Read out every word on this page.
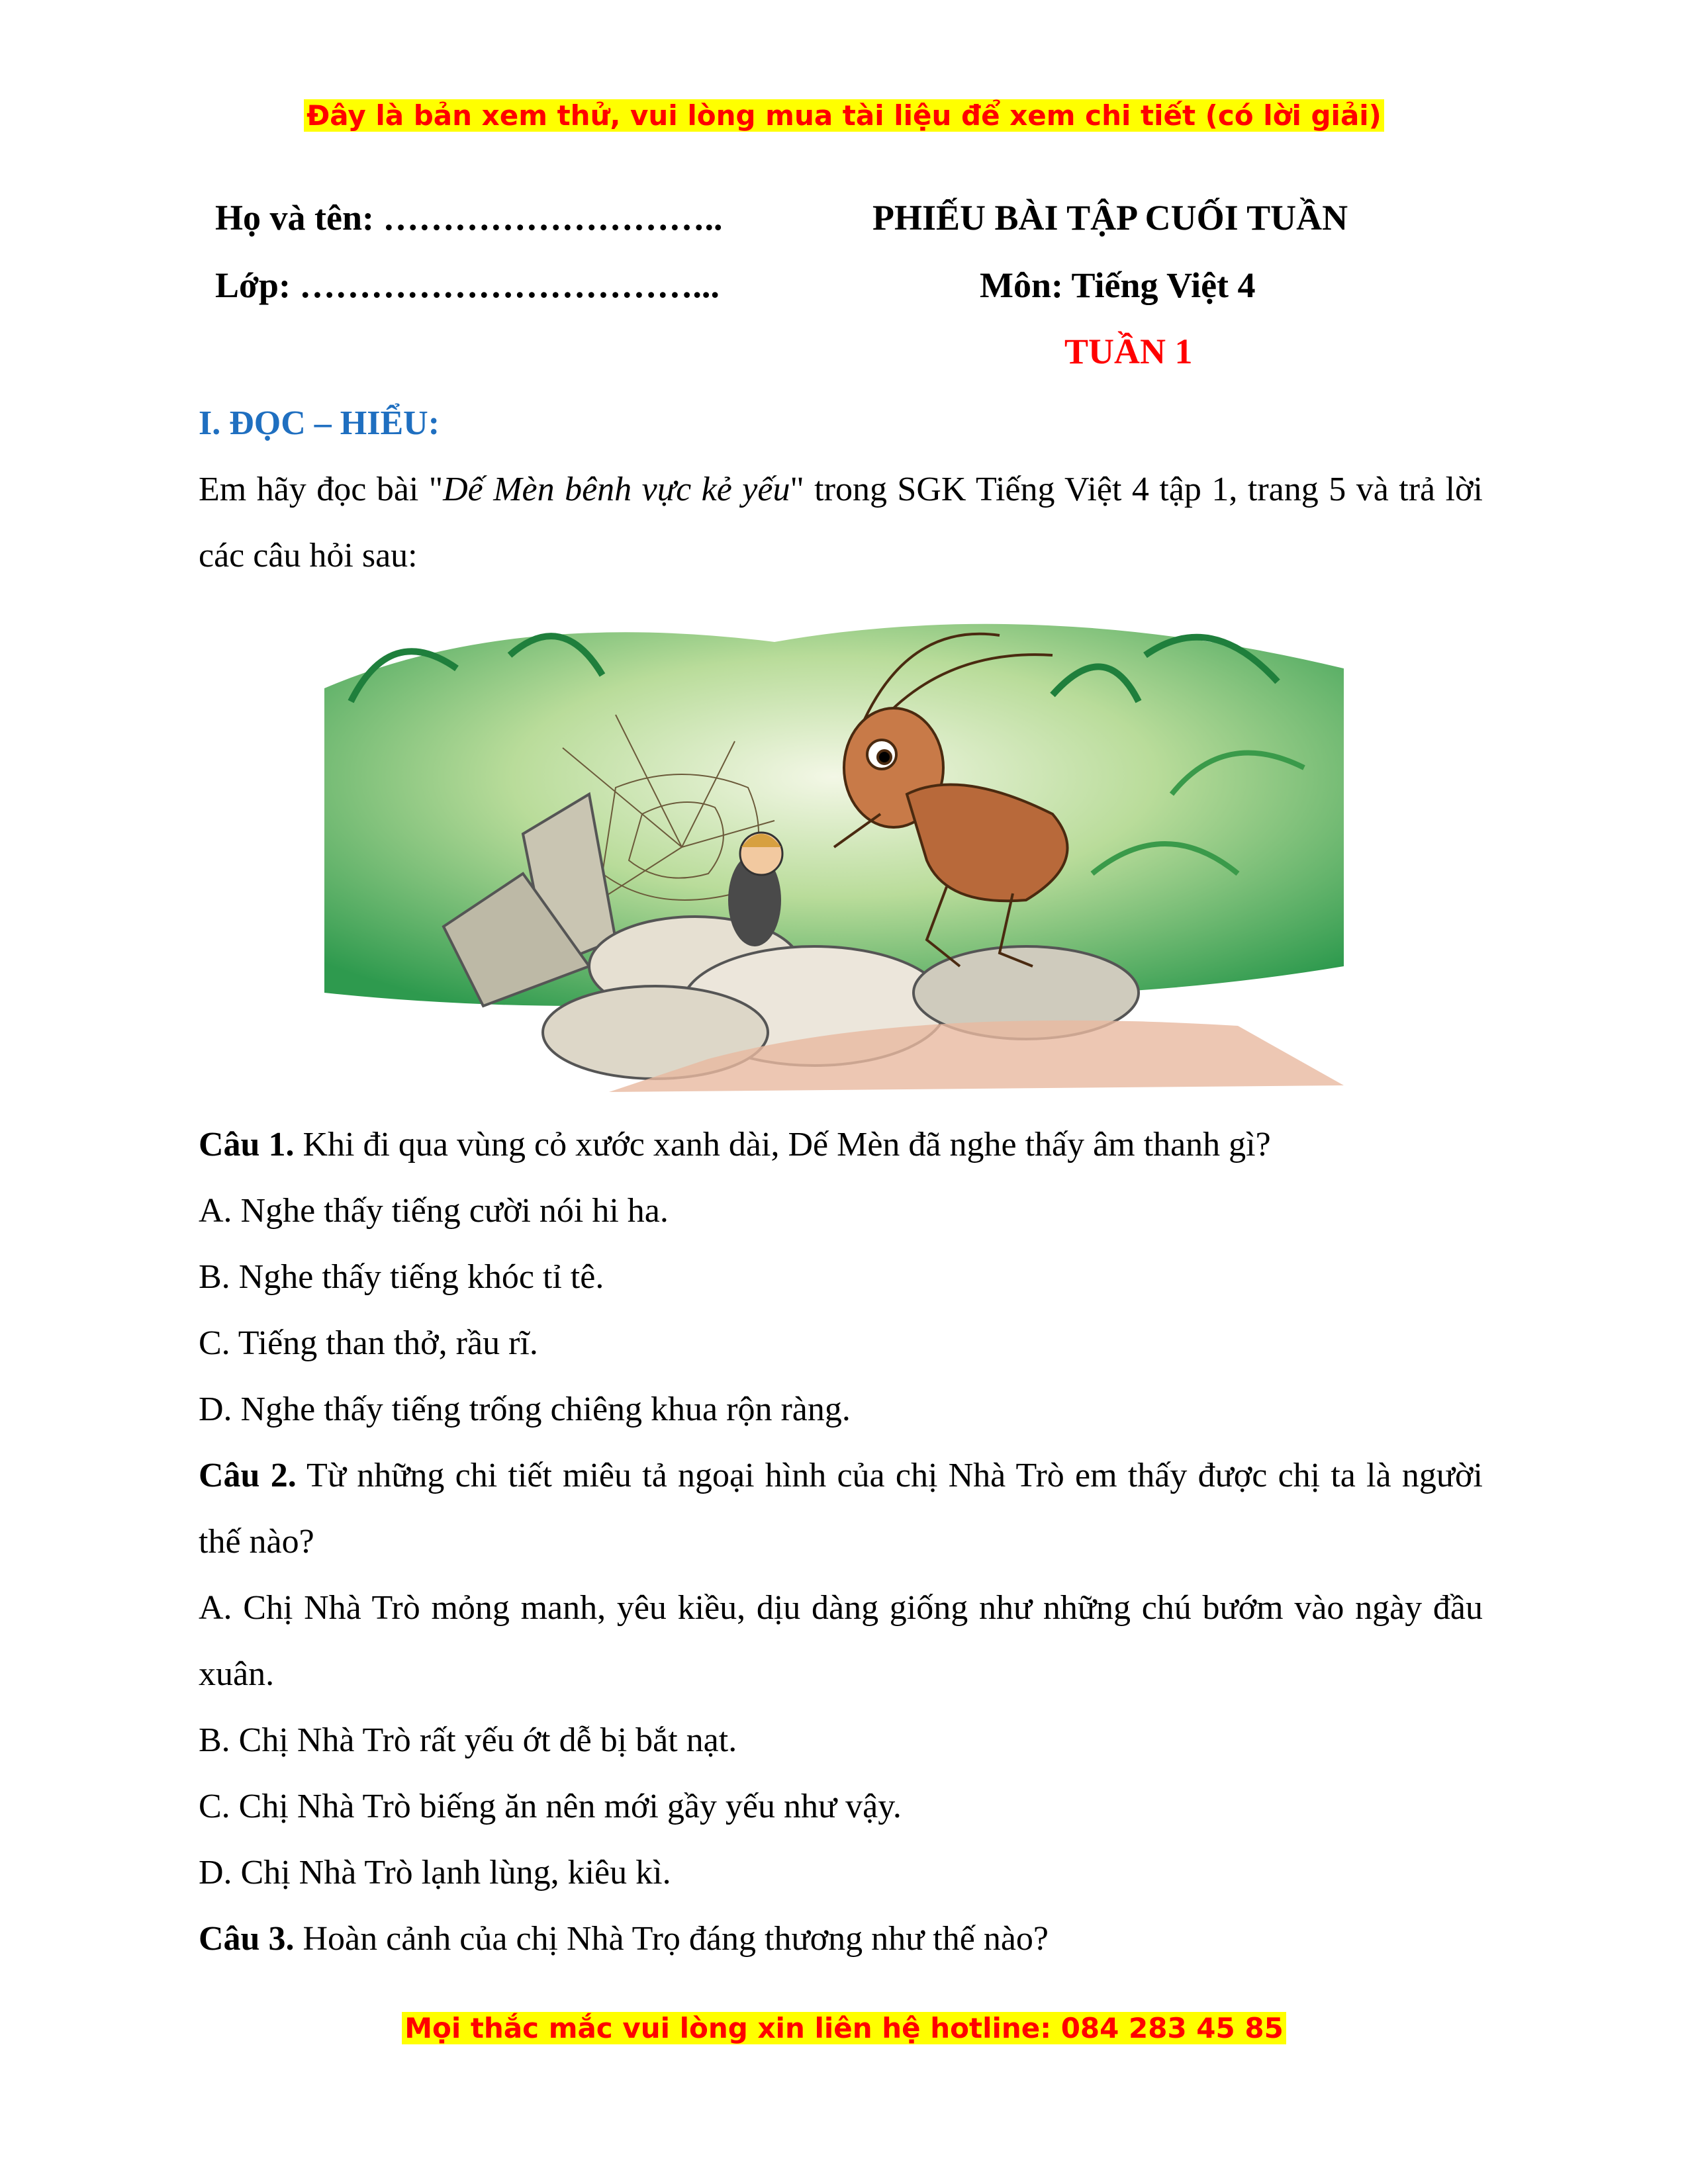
Đây là bản xem thử, vui lòng mua tài liệu để xem chi tiết (có lời giải)
Họ và tên: ………………………..
Lớp: ……………………………...
PHIẾU BÀI TẬP CUỐI TUẦN
Môn: Tiếng Việt 4
TUẦN 1
I. ĐỌC – HIỂU:
Em hãy đọc bài "Dế Mèn bênh vực kẻ yếu" trong SGK Tiếng Việt 4 tập 1, trang 5 và trả lời các câu hỏi sau:
Câu 1. Khi đi qua vùng cỏ xước xanh dài, Dế Mèn đã nghe thấy âm thanh gì?
A. Nghe thấy tiếng cười nói hi ha.
B. Nghe thấy tiếng khóc tỉ tê.
C. Tiếng than thở, rầu rĩ.
D. Nghe thấy tiếng trống chiêng khua rộn ràng.
Câu 2. Từ những chi tiết miêu tả ngoại hình của chị Nhà Trò em thấy được chị ta là người thế nào?
A. Chị Nhà Trò mỏng manh, yêu kiều, dịu dàng giống như những chú bướm vào ngày đầu xuân.
B. Chị Nhà Trò rất yếu ớt dễ bị bắt nạt.
C. Chị Nhà Trò biếng ăn nên mới gầy yếu như vậy.
D. Chị Nhà Trò lạnh lùng, kiêu kì.
Câu 3. Hoàn cảnh của chị Nhà Trọ đáng thương như thế nào?
Mọi thắc mắc vui lòng xin liên hệ hotline: 084 283 45 85
